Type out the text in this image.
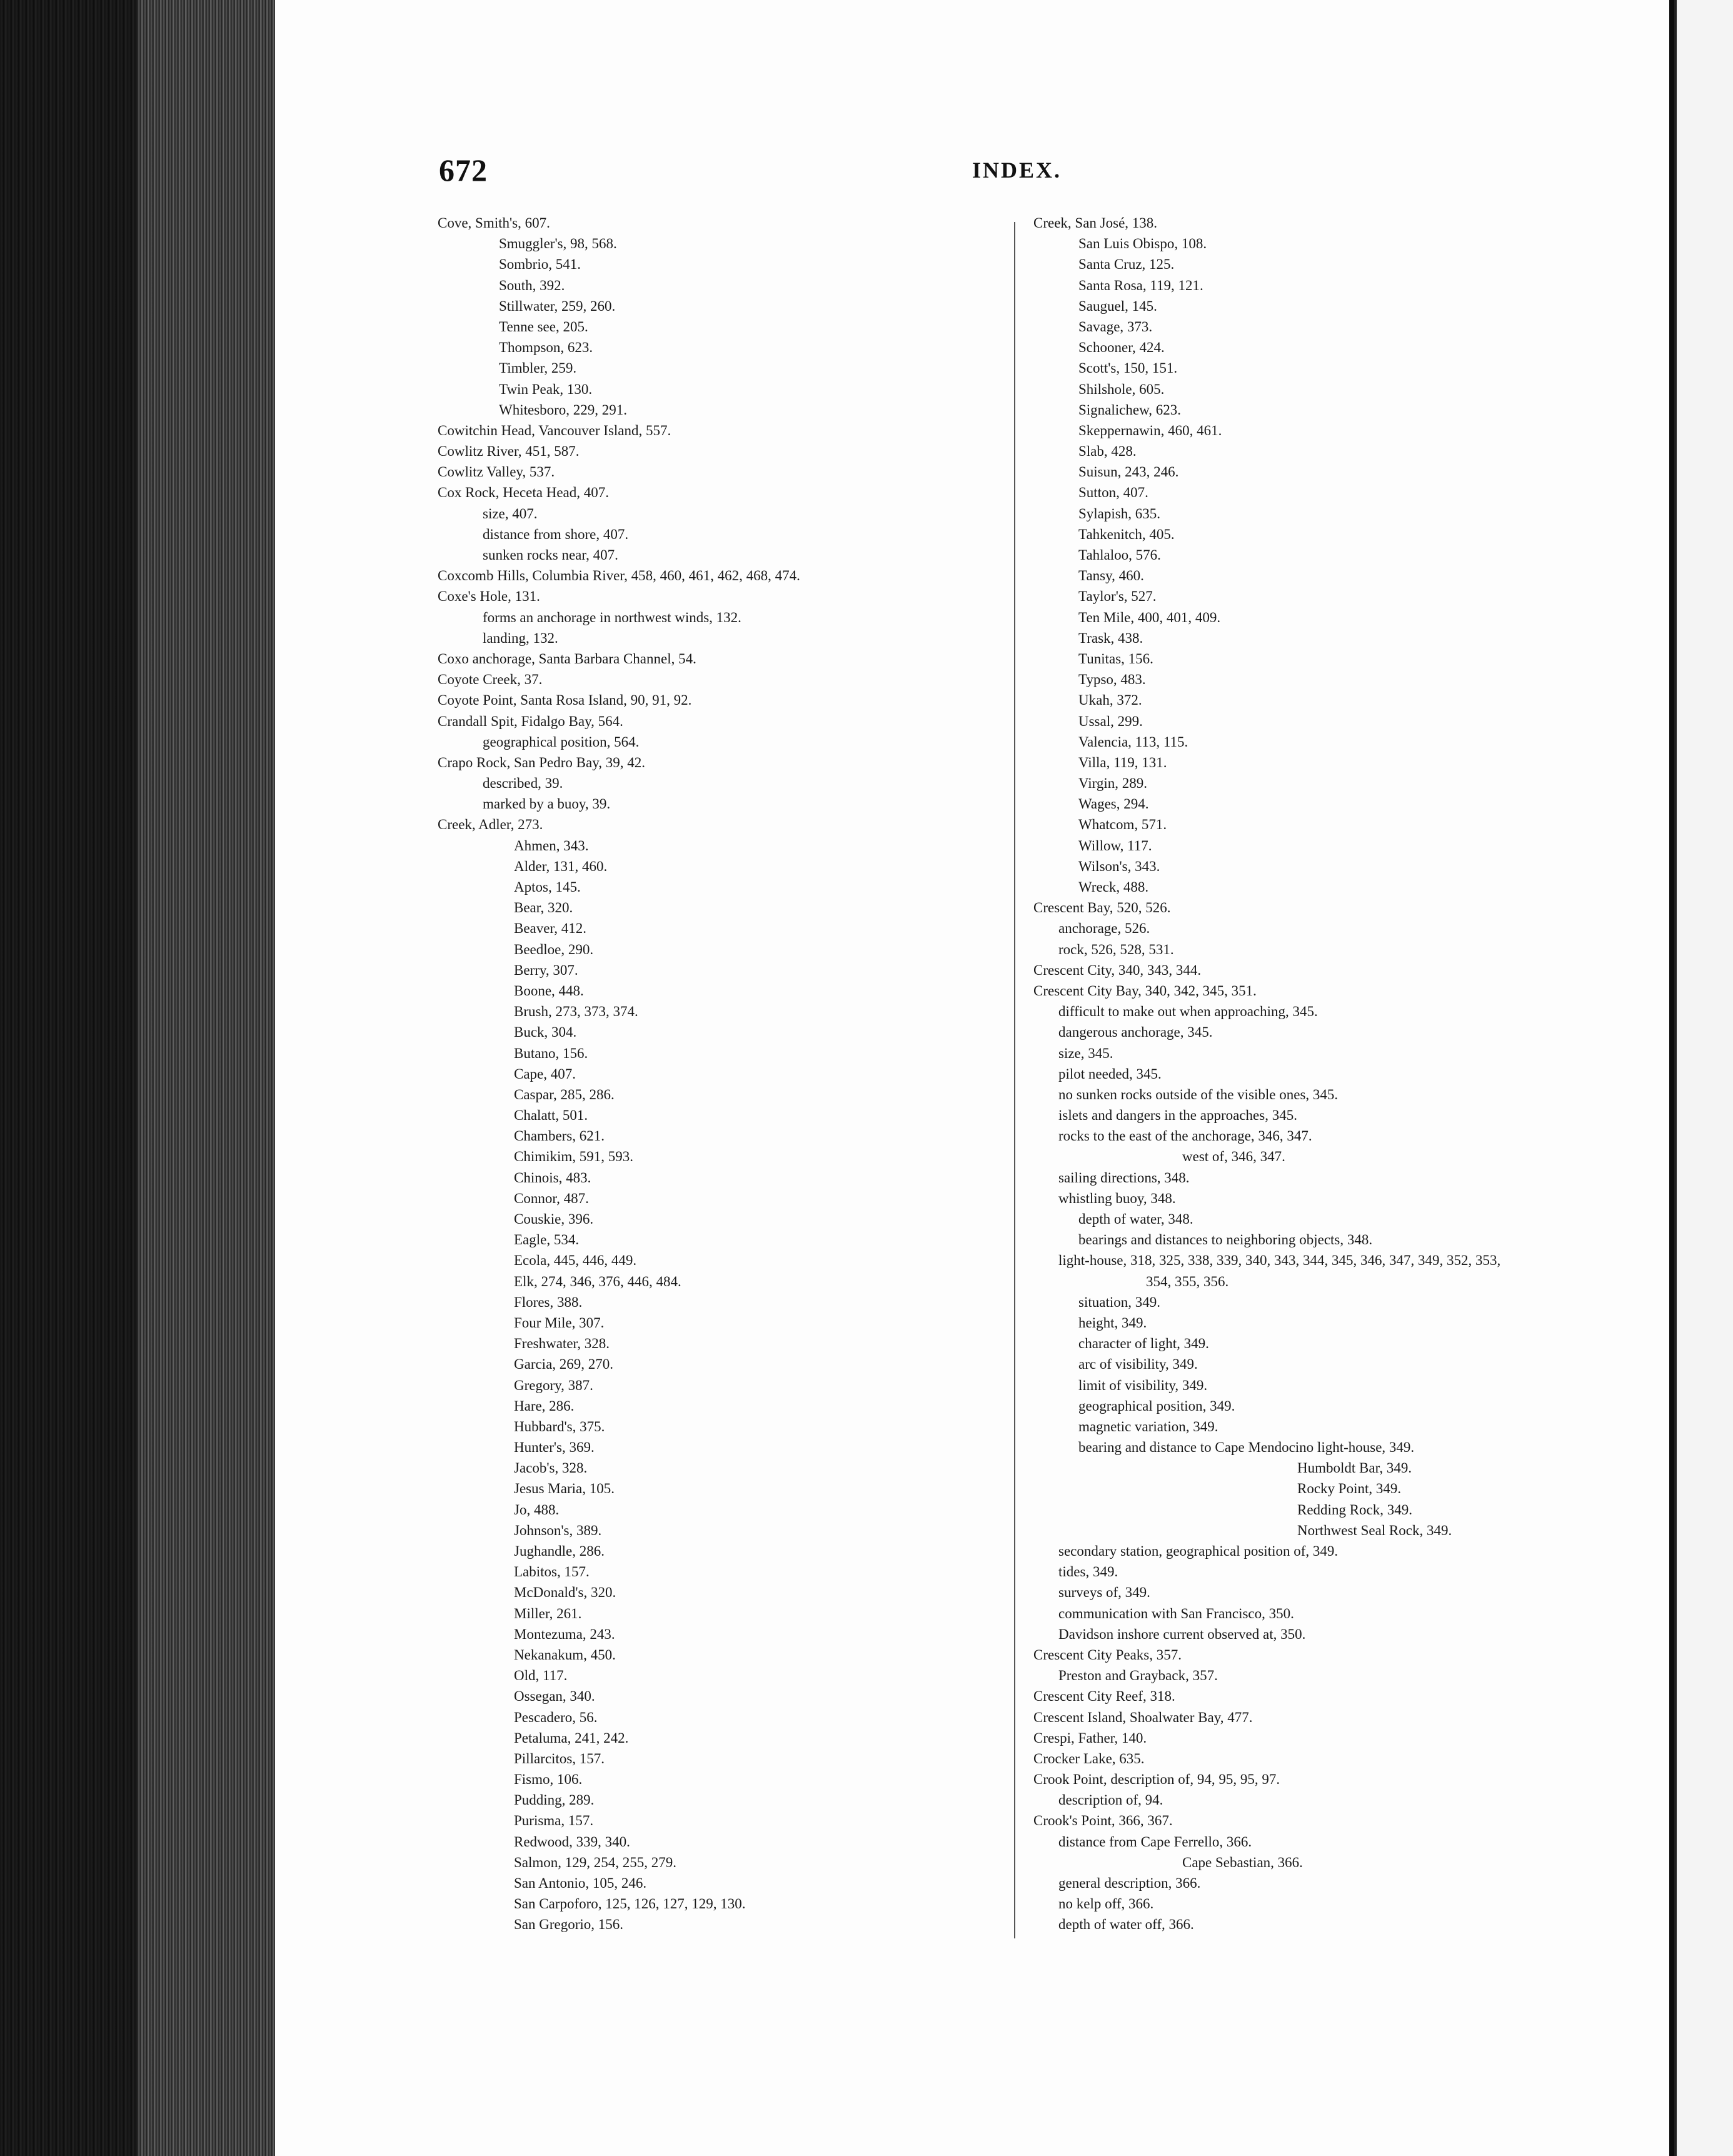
672	INDEX.
Cove, Smith's, 607.
Smuggler's, 98, 568.
Sombrio, 541.
South, 392.
Stillwater, 259, 260.
Tenne see, 205.
Thompson, 623.
Timbler, 259.
Twin Peak, 130.
Whitesboro, 229, 291.
Cowitchin Head, Vancouver Island, 557.
Cowlitz River, 451, 587.
Cowlitz Valley, 537.
Cox Rock, Heceta Head, 407.
size, 407.
distance from shore, 407.
sunken rocks near, 407.
Coxcomb Hills, Columbia River, 458, 460, 461, 462, 468, 474.
Coxe's Hole, 131.
forms an anchorage in northwest winds, 132.
landing, 132.
Coxo anchorage, Santa Barbara Channel, 54.
Coyote Creek, 37.
Coyote Point, Santa Rosa Island, 90, 91, 92.
Crandall Spit, Fidalgo Bay, 564.
geographical position, 564.
Crapo Rock, San Pedro Bay, 39, 42.
described, 39.
marked by a buoy, 39.
Creek, Adler, 273.
Ahmen, 343.
Alder, 131, 460.
Aptos, 145.
Bear, 320.
Beaver, 412.
Beedloe, 290.
Berry, 307.
Boone, 448.
Brush, 273, 373, 374.
Buck, 304.
Butano, 156.
Cape, 407.
Caspar, 285, 286.
Chalatt, 501.
Chambers, 621.
Chimikim, 591, 593.
Chinois, 483.
Connor, 487.
Couskie, 396.
Eagle, 534.
Ecola, 445, 446, 449.
Elk, 274, 346, 376, 446, 484.
Flores, 388.
Four Mile, 307.
Freshwater, 328.
Garcia, 269, 270.
Gregory, 387.
Hare, 286.
Hubbard's, 375.
Hunter's, 369.
Jacob's, 328.
Jesus Maria, 105.
Jo, 488.
Johnson's, 389.
Jughandle, 286.
Labitos, 157.
McDonald's, 320.
Miller, 261.
Montezuma, 243.
Nekanakum, 450.
Old, 117.
Ossegan, 340.
Pescadero, 56.
Petaluma, 241, 242.
Pillarcitos, 157.
Fismo, 106.
Pudding, 289.
Purisma, 157.
Redwood, 339, 340.
Salmon, 129, 254, 255, 279.
San Antonio, 105, 246.
San Carpoforo, 125, 126, 127, 129, 130.
San Gregorio, 156.
Creek, San José, 138.
San Luis Obispo, 108.
Santa Cruz, 125.
Santa Rosa, 119, 121.
Sauguel, 145.
Savage, 373.
Schooner, 424.
Scott's, 150, 151.
Shilshole, 605.
Signalichew, 623.
Skeppernawin, 460, 461.
Slab, 428.
Suisun, 243, 246.
Sutton, 407.
Sylapish, 635.
Tahkenitch, 405.
Tahlaloo, 576.
Tansy, 460.
Taylor's, 527.
Ten Mile, 400, 401, 409.
Trask, 438.
Tunitas, 156.
Typso, 483.
Ukah, 372.
Ussal, 299.
Valencia, 113, 115.
Villa, 119, 131.
Virgin, 289.
Wages, 294.
Whatcom, 571.
Willow, 117.
Wilson's, 343.
Wreck, 488.
Crescent Bay, 520, 526.
anchorage, 526.
rock, 526, 528, 531.
Crescent City, 340, 343, 344.
Crescent City Bay, 340, 342, 345, 351.
difficult to make out when approaching, 345.
dangerous anchorage, 345.
size, 345.
pilot needed, 345.
no sunken rocks outside of the visible ones, 345.
islets and dangers in the approaches, 345.
rocks to the east of the anchorage, 346, 347.
west of, 346, 347.
sailing directions, 348.
whistling buoy, 348.
depth of water, 348.
bearings and distances to neighboring objects, 348.
light-house, 318, 325, 338, 339, 340, 343, 344, 345, 346, 347, 349, 352, 353,
354, 355, 356.
situation, 349.
height, 349.
character of light, 349.
arc of visibility, 349.
limit of visibility, 349.
geographical position, 349.
magnetic variation, 349.
bearing and distance to Cape Mendocino light-house, 349.
Humboldt Bar, 349.
Rocky Point, 349.
Redding Rock, 349.
Northwest Seal Rock, 349.
secondary station, geographical position of, 349.
tides, 349.
surveys of, 349.
communication with San Francisco, 350.
Davidson inshore current observed at, 350.
Crescent City Peaks, 357.
Preston and Grayback, 357.
Crescent City Reef, 318.
Crescent Island, Shoalwater Bay, 477.
Crespi, Father, 140.
Crocker Lake, 635.
Crook Point, description of, 94, 95, 95, 97.
description of, 94.
Crook's Point, 366, 367.
distance from Cape Ferrello, 366.
Cape Sebastian, 366.
general description, 366.
no kelp off, 366.
depth of water off, 366.
